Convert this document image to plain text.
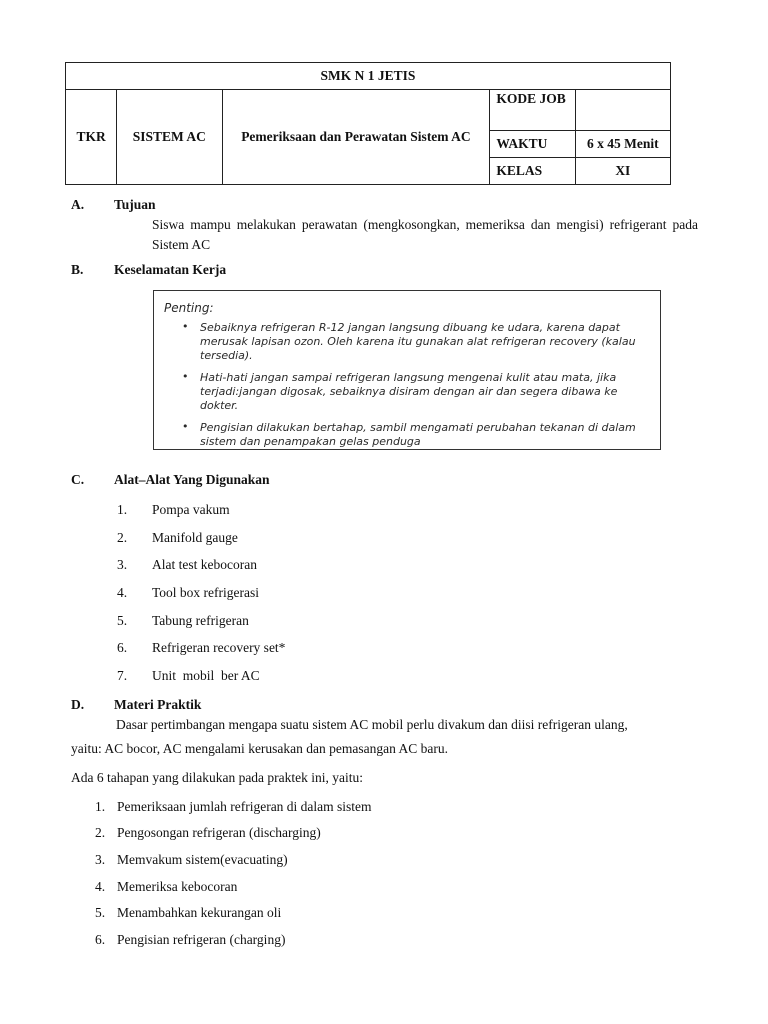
SMK N 1 JETIS				
TKR	SISTEM AC	Pemeriksaan dan Perawatan Sistem AC	KODE JOB	
			WAKTU	6 x 45 Menit
			KELAS	XI
A. Tujuan
Siswa mampu melakukan perawatan (mengkosongkan, memeriksa dan mengisi) refrigerant pada Sistem AC
B. Keselamatan Kerja
Penting:
• Sebaiknya refrigeran R-12 jangan langsung dibuang ke udara, karena dapat merusak lapisan ozon. Oleh karena itu gunakan alat refrigeran recovery (kalau tersedia).
• Hati-hati jangan sampai refrigeran langsung mengenai kulit atau mata, jika terjadi:jangan digosak, sebaiknya disiram dengan air dan segera dibawa ke dokter.
• Pengisian dilakukan bertahap, sambil mengamati perubahan tekanan di dalam sistem dan penampakan gelas penduga
C. Alat–Alat Yang Digunakan
1. Pompa vakum
2. Manifold gauge
3. Alat test kebocoran
4. Tool box refrigerasi
5. Tabung refrigeran
6. Refrigeran recovery set*
7. Unit  mobil  ber AC
D. Materi Praktik
Dasar pertimbangan mengapa suatu sistem AC mobil perlu divakum dan diisi refrigeran ulang,
yaitu: AC bocor, AC mengalami kerusakan dan pemasangan AC baru.
Ada 6 tahapan yang dilakukan pada praktek ini, yaitu:
1. Pemeriksaan jumlah refrigeran di dalam sistem
2. Pengosongan refrigeran (discharging)
3. Memvakum sistem(evacuating)
4. Memeriksa kebocoran
5. Menambahkan kekurangan oli
6. Pengisian refrigeran (charging)
